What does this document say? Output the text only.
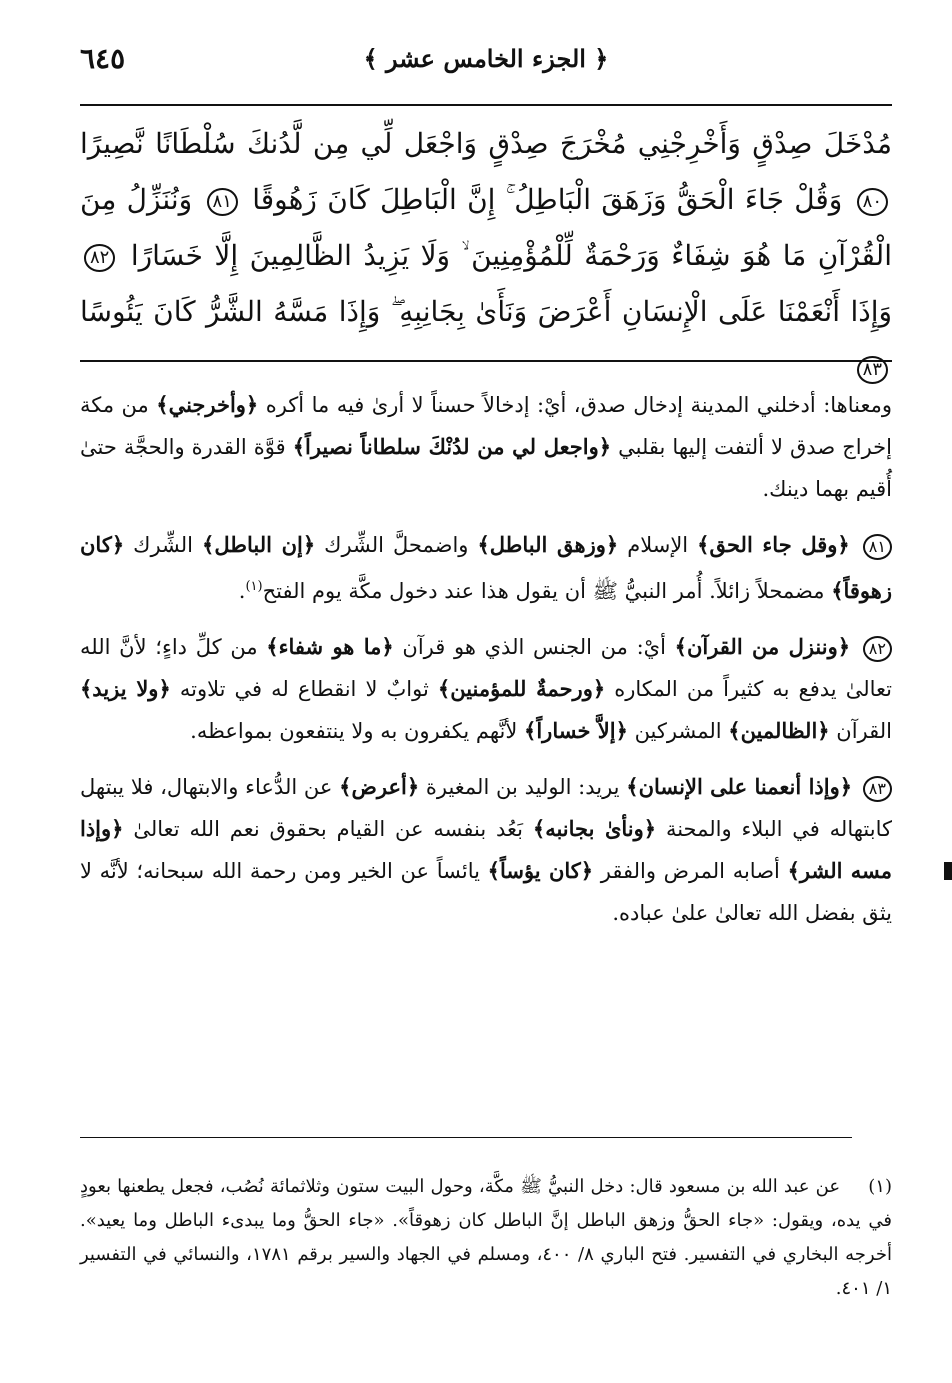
٦٤٥	﴿ الجزء الخامس عشر ﴾
مُدْخَلَ صِدْقٍ وَأَخْرِجْنِي مُخْرَجَ صِدْقٍ وَاجْعَل لِّي مِن لَّدُنكَ سُلْطَانًا نَّصِيرًا ٨٠ وَقُلْ جَاءَ الْحَقُّ وَزَهَقَ الْبَاطِلُ ۚ إِنَّ الْبَاطِلَ كَانَ زَهُوقًا ٨١ وَنُنَزِّلُ مِنَ الْقُرْآنِ مَا هُوَ شِفَاءٌ وَرَحْمَةٌ لِّلْمُؤْمِنِينَ ۙ وَلَا يَزِيدُ الظَّالِمِينَ إِلَّا خَسَارًا ٨٢ وَإِذَا أَنْعَمْنَا عَلَى الْإِنسَانِ أَعْرَضَ وَنَأَىٰ بِجَانِبِهِ ۖ وَإِذَا مَسَّهُ الشَّرُّ كَانَ يَئُوسًا ٨٣

ومعناها: أدخلني المدينة إدخال صدق، أيْ: إدخالاً حسناً لا أرىٰ فيه ما أكره ﴿وأخرجني﴾ من مكة إخراج صدق لا ألتفت إليها بقلبي ﴿واجعل لي من لدُنْكَ سلطاناً نصيراً﴾ قوَّة القدرة والحجَّة حتىٰ أُقيم بهما دينك.

٨١ ﴿وقل جاء الحق﴾ الإسلام ﴿وزهق الباطل﴾ واضمحلَّ الشِّرك ﴿إن الباطل﴾ الشِّرك ﴿كان زهوقاً﴾ مضمحلاً زائلاً. أُمر النبيُّ ﷺ أن يقول هذا عند دخول مكَّة يوم الفتح$^{(١)}$.

٨٢ ﴿وننزل من القرآن﴾ أيْ: من الجنس الذي هو قرآن ﴿ما هو شفاء﴾ من كلِّ داءٍ؛ لأنَّ الله تعالىٰ يدفع به كثيراً من المكاره ﴿ورحمةٌ للمؤمنين﴾ ثوابٌ لا انقطاع له في تلاوته ﴿ولا يزيد﴾ القرآن ﴿الظالمين﴾ المشركين ﴿إلاَّ خساراً﴾ لأنَّهم يكفرون به ولا ينتفعون بمواعظه.

٨٣ ﴿وإذا أنعمنا على الإنسان﴾ يريد: الوليد بن المغيرة ﴿أعرض﴾ عن الدُّعاء والابتهال، فلا يبتهل كابتهاله في البلاء والمحنة ﴿ونأىٰ بجانبه﴾ بَعُد بنفسه عن القيام بحقوق نعم الله تعالىٰ ﴿وإذا مسه الشر﴾ أصابه المرض والفقر ﴿كان يؤساً﴾ يائساً عن الخير ومن رحمة الله سبحانه؛ لأنَّه لا يثق بفضل الله تعالىٰ علىٰ عباده.

(١) عن عبد الله بن مسعود قال: دخل النبيُّ ﷺ مكَّة، وحول البيت ستون وثلاثمائة نُصُب، فجعل يطعنها بعودٍ في يده، ويقول: «جاء الحقُّ وزهق الباطل إنَّ الباطل كان زهوقاً». «جاء الحقُّ وما يبدىء الباطل وما يعيد». أخرجه البخاري في التفسير. فتح الباري ٨/ ٤٠٠، ومسلم في الجهاد والسير برقم ١٧٨١، والنسائي في التفسير ١/ ٤٠١.
